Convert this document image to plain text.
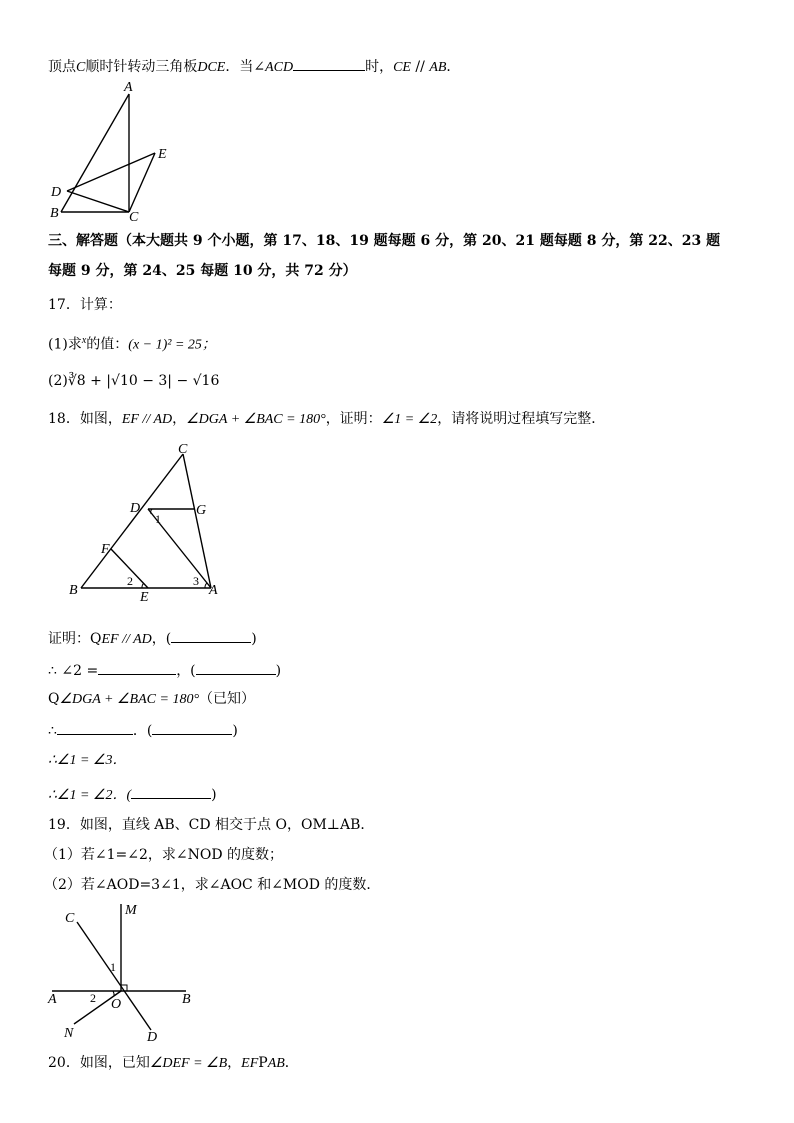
顶点C顺时针转动三角板DCE．当∠ACD	时，CE // AB．
A
E
D
B	C
三、解答题（本大题共 9 个小题，第 17、18、19 题每题 6 分，第 20、21 题每题 8 分，第 22、23 题
每题 9 分，第 24、25 每题 10 分，共 72 分）
17．计算：
(1)求$^x$的值：(x − 1)² = 25；
(2)∛8 + |√10 − 3| − √16
18．如图，EF // AD，∠DGA + ∠BAC = 180°，证明：∠1 = ∠2，请将说明过程填写完整．
C
D	G
F
B	E	A
1
2	3
证明：QEF // AD，(	)
∴ ∠2 =	，(	)
Q∠DGA + ∠BAC = 180°（已知）
∴	．(	)
∴∠1 = ∠3．
∴∠1 = ∠2．(	)
19．如图，直线 AB、CD 相交于点 O，OM⊥AB．
（1）若∠1=∠2，求∠NOD 的度数；
（2）若∠AOD=3∠1，求∠AOC 和∠MOD 的度数．
C
M
A	B
O
N	D
1
2
20．如图，已知∠DEF = ∠B，EFPAB．
